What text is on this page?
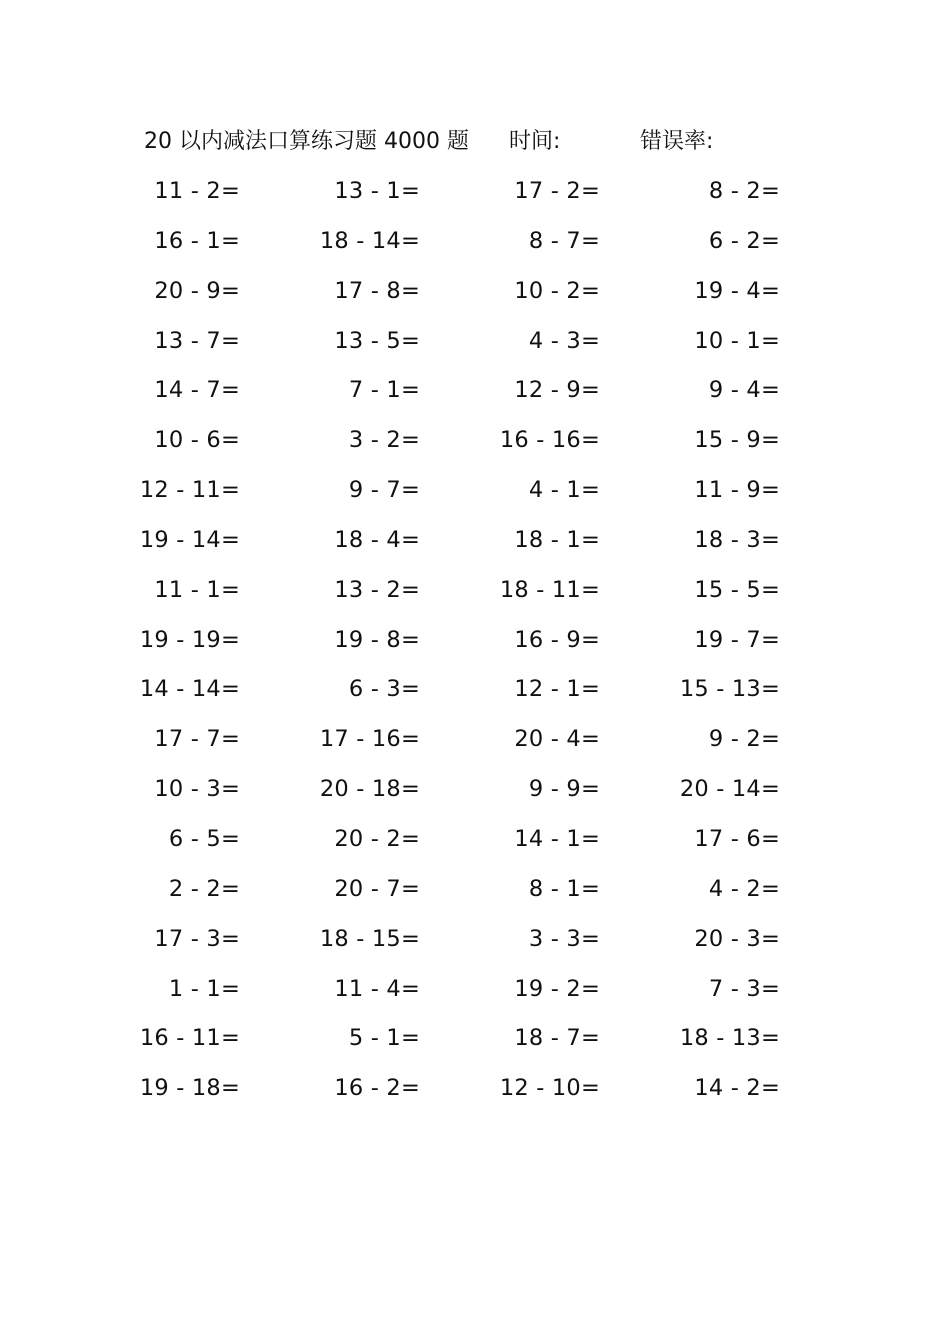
20 以内减法口算练习题 4000 题 时间:	错误率:
11 - 2=	13 - 1=	17 - 2=	8 - 2=
16 - 1=	18 - 14=	8 - 7=	6 - 2=
20 - 9=	17 - 8=	10 - 2=	19 - 4=
13 - 7=	13 - 5=	4 - 3=	10 - 1=
14 - 7=	7 - 1=	12 - 9=	9 - 4=
10 - 6=	3 - 2=	16 - 16=	15 - 9=
12 - 11=	9 - 7=	4 - 1=	11 - 9=
19 - 14=	18 - 4=	18 - 1=	18 - 3=
11 - 1=	13 - 2=	18 - 11=	15 - 5=
19 - 19=	19 - 8=	16 - 9=	19 - 7=
14 - 14=	6 - 3=	12 - 1=	15 - 13=
17 - 7=	17 - 16=	20 - 4=	9 - 2=
10 - 3=	20 - 18=	9 - 9=	20 - 14=
6 - 5=	20 - 2=	14 - 1=	17 - 6=
2 - 2=	20 - 7=	8 - 1=	4 - 2=
17 - 3=	18 - 15=	3 - 3=	20 - 3=
1 - 1=	11 - 4=	19 - 2=	7 - 3=
16 - 11=	5 - 1=	18 - 7=	18 - 13=
19 - 18=	16 - 2=	12 - 10=	14 - 2=
